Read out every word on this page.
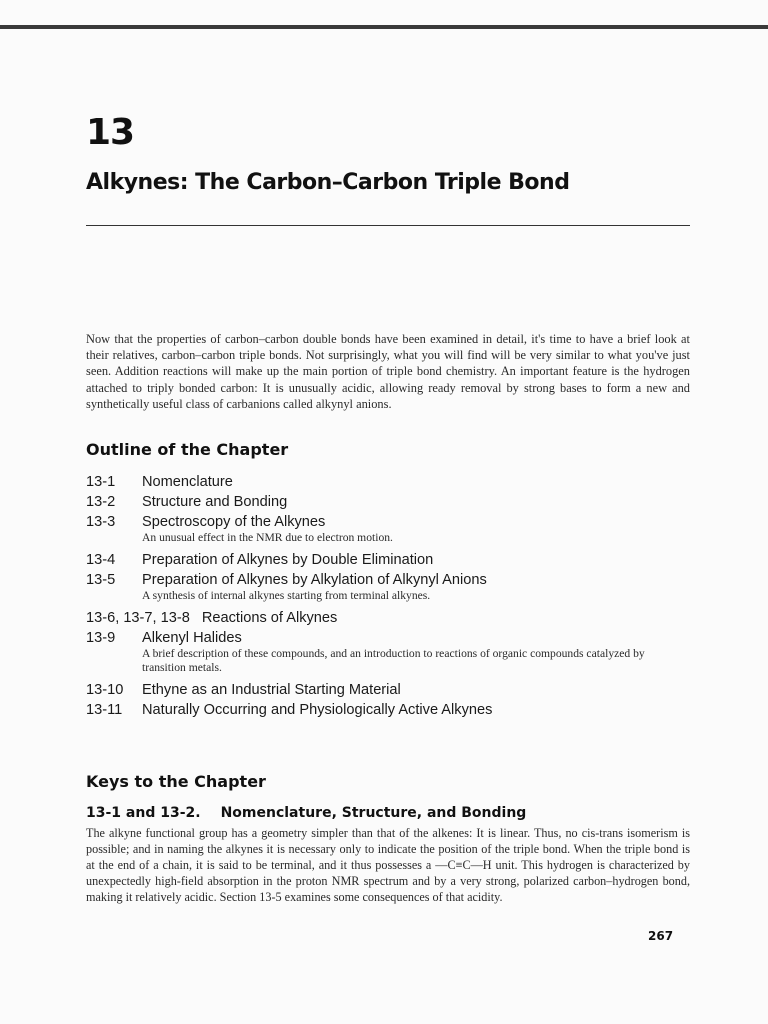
13
Alkynes: The Carbon–Carbon Triple Bond

Now that the properties of carbon–carbon double bonds have been examined in detail, it's time to have a brief look at their relatives, carbon–carbon triple bonds. Not surprisingly, what you will find will be very similar to what you've just seen. Addition reactions will make up the main portion of triple bond chemistry. An important feature is the hydrogen attached to triply bonded carbon: It is unusually acidic, allowing ready removal by strong bases to form a new and synthetically useful class of carbanions called alkynyl anions.

Outline of the Chapter
13-1	Nomenclature
13-2	Structure and Bonding
13-3	Spectroscopy of the Alkynes
An unusual effect in the NMR due to electron motion.
13-4	Preparation of Alkynes by Double Elimination
13-5	Preparation of Alkynes by Alkylation of Alkynyl Anions
A synthesis of internal alkynes starting from terminal alkynes.
13-6, 13-7, 13-8 Reactions of Alkynes
13-9	Alkenyl Halides
A brief description of these compounds, and an introduction to reactions of organic compounds catalyzed by transition metals.
13-10	Ethyne as an Industrial Starting Material
13-11	Naturally Occurring and Physiologically Active Alkynes
Keys to the Chapter
13-1 and 13-2. Nomenclature, Structure, and Bonding

The alkyne functional group has a geometry simpler than that of the alkenes: It is linear. Thus, no cis-trans isomerism is possible; and in naming the alkynes it is necessary only to indicate the position of the triple bond. When the triple bond is at the end of a chain, it is said to be terminal, and it thus possesses a —C≡C—H unit. This hydrogen is characterized by unexpectedly high-field absorption in the proton NMR spectrum and by a very strong, polarized carbon–hydrogen bond, making it relatively acidic. Section 13-5 examines some consequences of that acidity.

267
